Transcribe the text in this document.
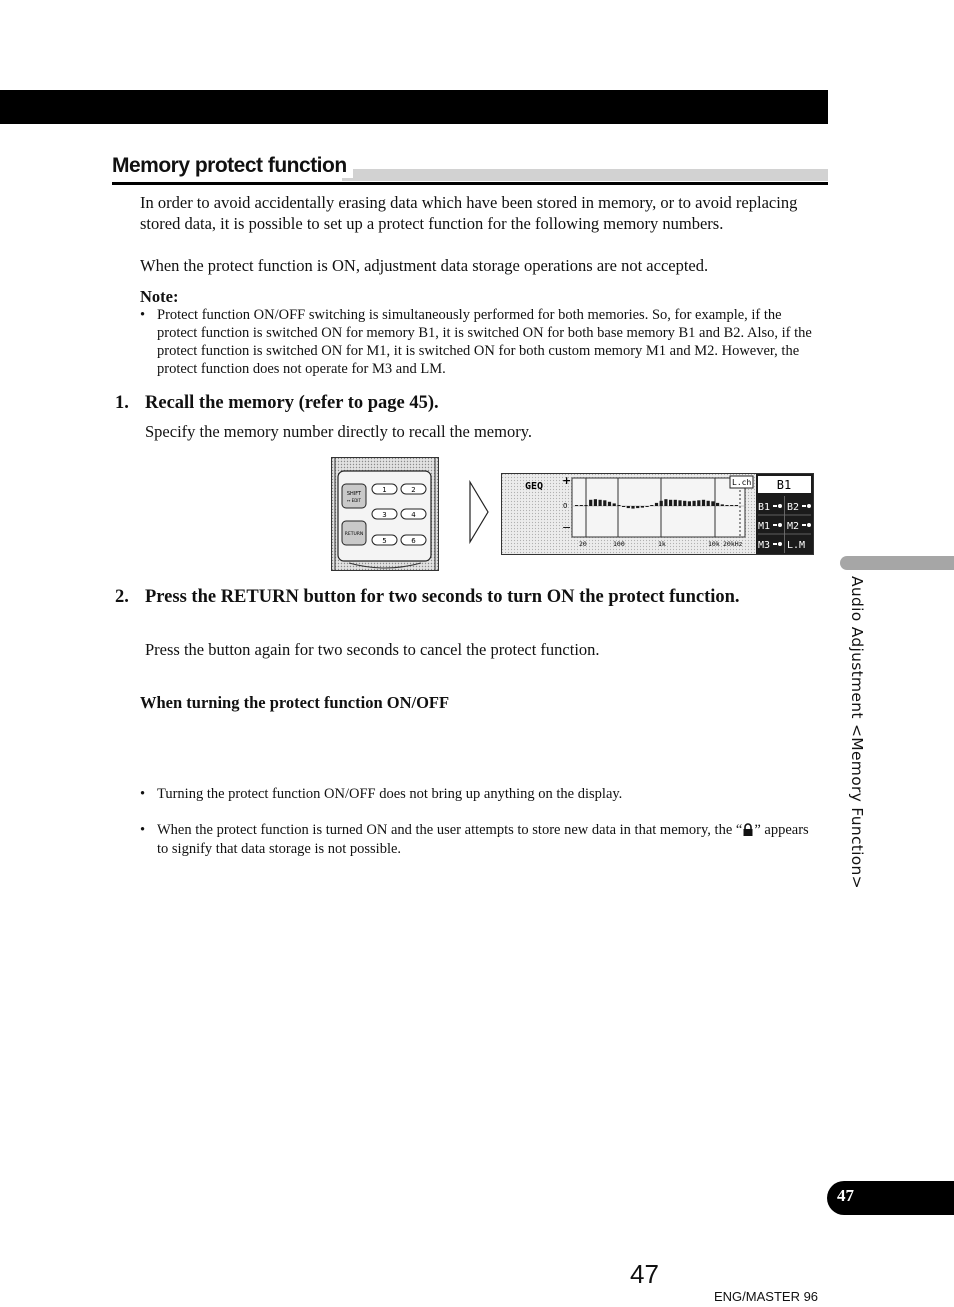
Memory protect function
In order to avoid accidentally erasing data which have been stored in memory, or to avoid replacing stored data, it is possible to set up a protect function for the following memory numbers.
When the protect function is ON, adjustment data storage operations are not accepted.
Note:
• Protect function ON/OFF switching is simultaneously performed for both memories. So, for example, if the protect function is switched ON for memory B1, it is switched ON for both base memory B1 and B2. Also, if the protect function is switched ON for M1, it is switched ON for both custom memory M1 and M2. However, the protect function does not operate for M3 and LM.
1. Recall the memory (refer to page 45).
Specify the memory number directly to recall the memory.
SHIFT
↔ EDIT
RETURN
1	2
3	4
5	6
GEQ +
0
−
L.ch
20	100	1k	10k 20kHz
B1
B1 B2
M1 M2
M3 L.M
2. Press the RETURN button for two seconds to turn ON the protect function.
Press the button again for two seconds to cancel the protect function.
When turning the protect function ON/OFF
• Turning the protect function ON/OFF does not bring up anything on the display.
• When the protect function is turned ON and the user attempts to store new data in that memory, the “ ” appears to signify that data storage is not possible.	Audio Adjustment <Memory Function>
47
47
ENG/MASTER 96
